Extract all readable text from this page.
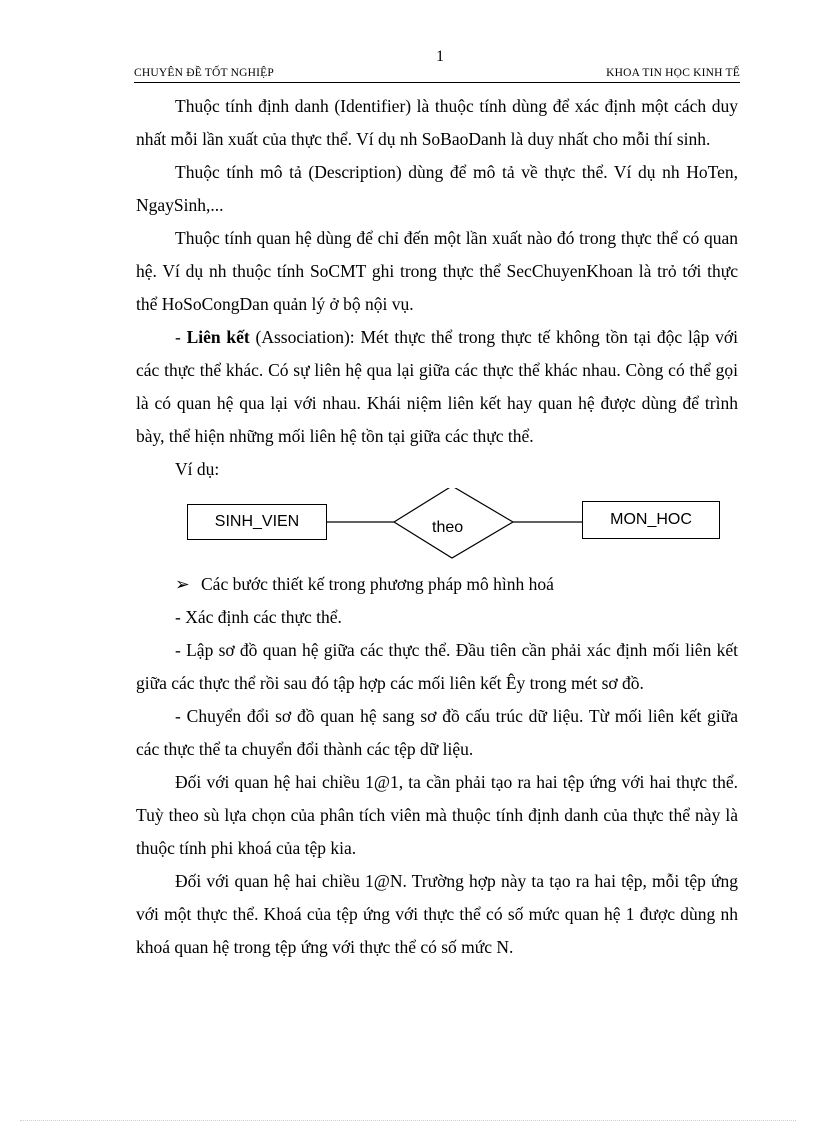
CHUYÊN ĐỀ TỐT NGHIỆP
1
KHOA TIN HỌC KINH TẾ

Thuộc tính định danh (Identifier) là thuộc tính dùng để xác định một cách duy nhất mỗi lần xuất của thực thể. Ví dụ nh SoBaoDanh là duy nhất cho mỗi thí sinh.

Thuộc tính mô tả (Description) dùng để mô tả về thực thể. Ví dụ nh HoTen, NgaySinh,...

Thuộc tính quan hệ dùng để chỉ đến một lần xuất nào đó trong thực thể có quan hệ. Ví dụ nh thuộc tính SoCMT ghi trong thực thể SecChuyenKhoan là trỏ tới thực thể HoSoCongDan quản lý ở bộ nội vụ.

- Liên kết (Association): Mét thực thể trong thực tế không tồn tại độc lập với các thực thể khác. Có sự liên hệ qua lại giữa các thực thể khác nhau. Còng có thể gọi là có quan hệ qua lại với nhau. Khái niệm liên kết hay quan hệ được dùng để trình bày, thể hiện những mối liên hệ tồn tại giữa các thực thể.

Ví dụ:

SINH_VIEN	theo	MON_HOC

➢ Các bước thiết kế trong phương pháp mô hình hoá

- Xác định các thực thể.

- Lập sơ đồ quan hệ giữa các thực thể. Đầu tiên cần phải xác định mối liên kết giữa các thực thể rồi sau đó tập hợp các mối liên kết Êy trong mét sơ đồ.

- Chuyển đổi sơ đồ quan hệ sang sơ đồ cấu trúc dữ liệu. Từ mối liên kết giữa các thực thể ta chuyển đổi thành các tệp dữ liệu.

Đối với quan hệ hai chiều 1@1, ta cần phải tạo ra hai tệp ứng với hai thực thể. Tuỳ theo sù lựa chọn của phân tích viên mà thuộc tính định danh của thực thể này là thuộc tính phi khoá của tệp kia.

Đối với quan hệ hai chiều 1@N. Trường hợp này ta tạo ra hai tệp, mỗi tệp ứng với một thực thể. Khoá của tệp ứng với thực thể có số mức quan hệ 1 được dùng nh khoá quan hệ trong tệp ứng với thực thể có số mức N.
